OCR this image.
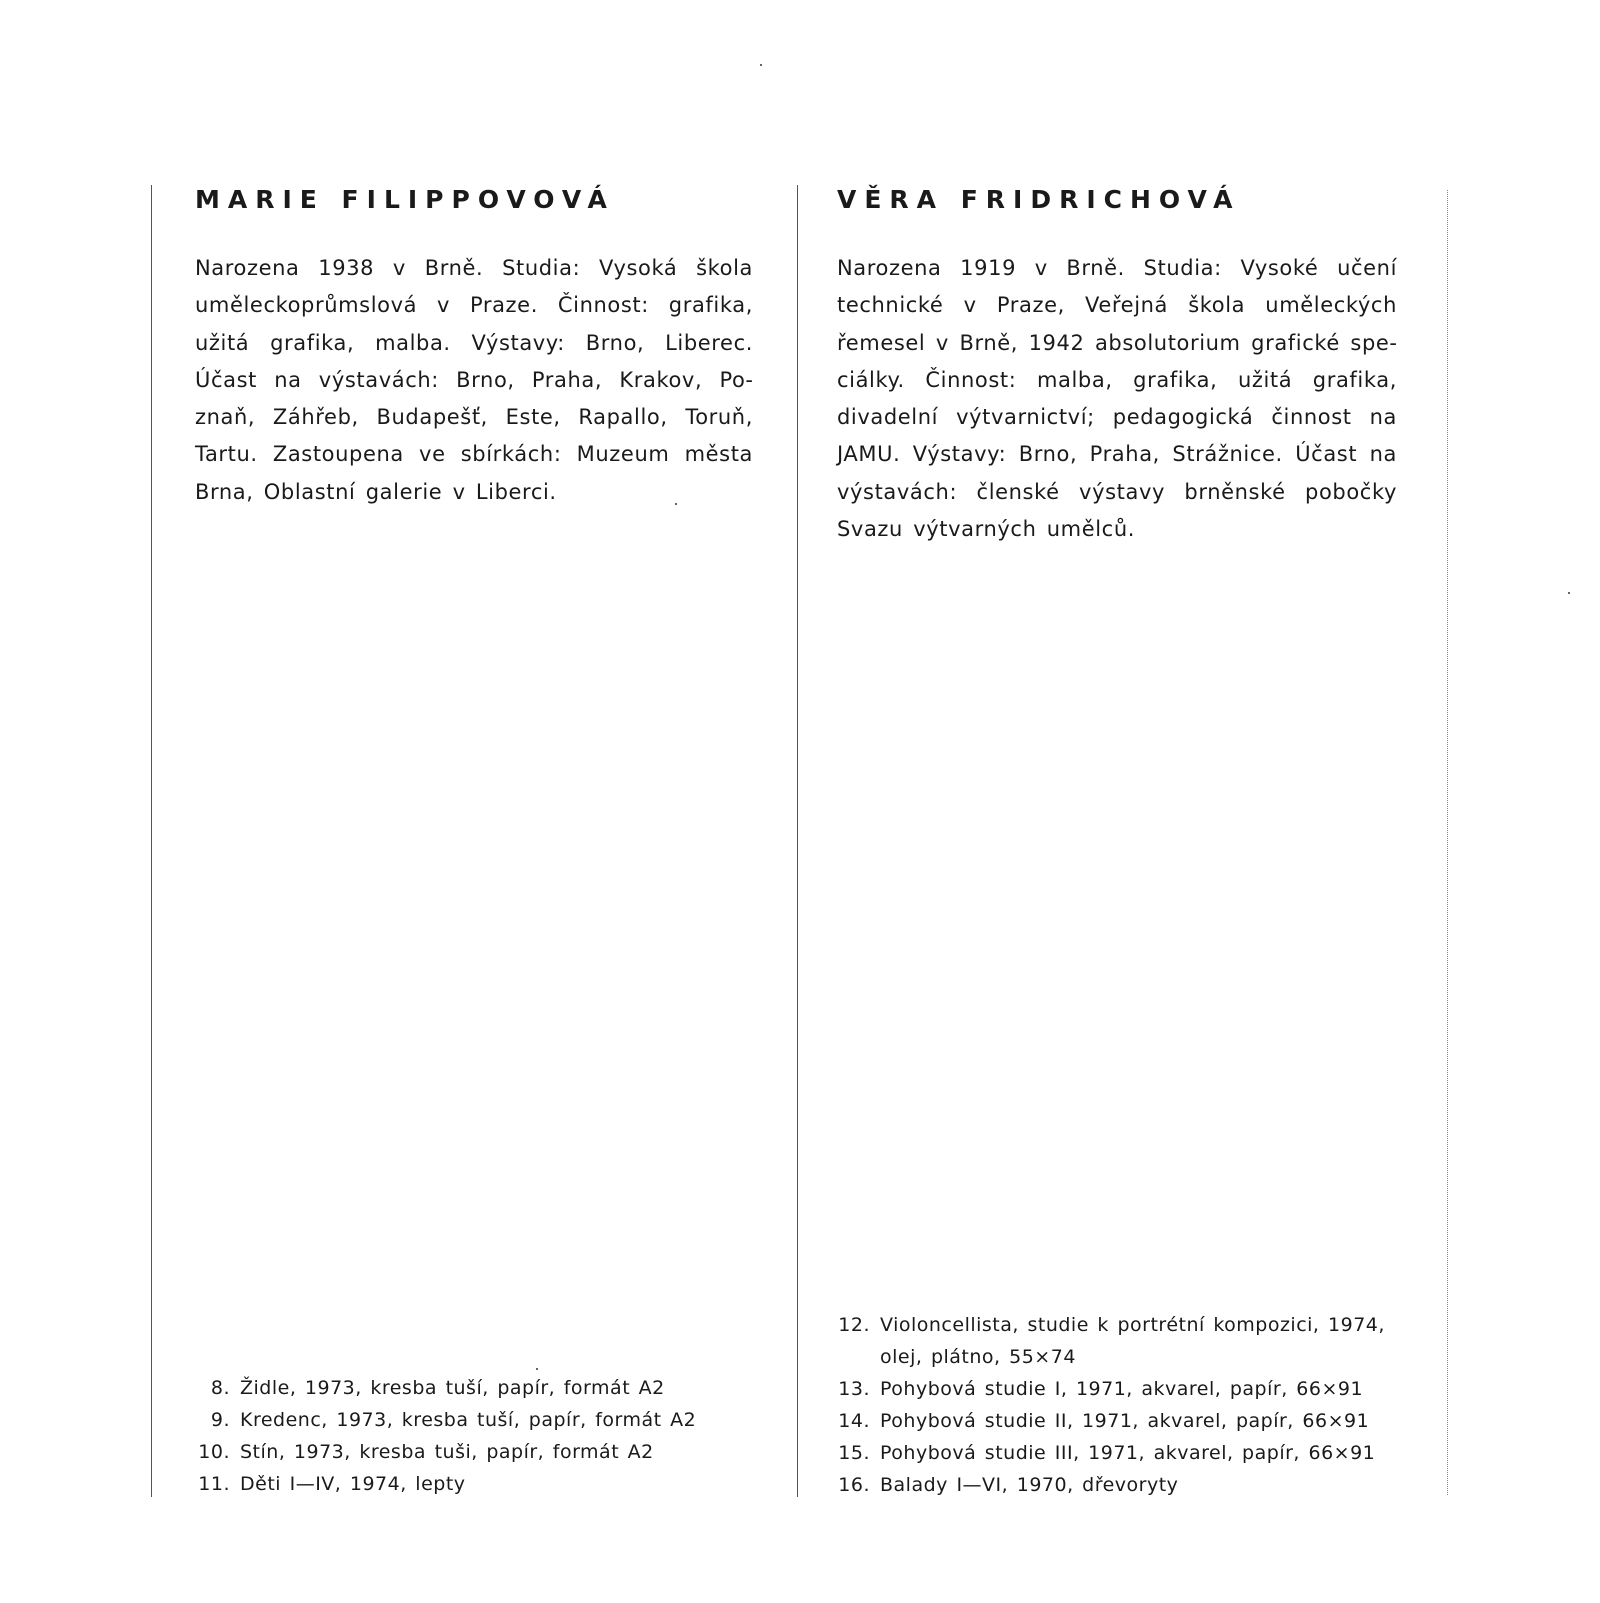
MARIE FILIPPOVOVÁ

Narozena 1938 v Brně. Studia: Vysoká škola uměleckoprůmslová v Praze. Činnost: grafika, užitá grafika, malba. Výstavy: Brno, Liberec. Účast na výstavách: Brno, Praha, Krakov, Poznaň, Záhřeb, Budapešť, Este, Rapallo, Toruň, Tartu. Zastoupena ve sbírkách: Muzeum města Brna, Oblastní galerie v Liberci.

8. Židle, 1973, kresba tuší, papír, formát A2
9. Kredenc, 1973, kresba tuší, papír, formát A2
10. Stín, 1973, kresba tuši, papír, formát A2
11. Děti I—IV, 1974, lepty
VĚRA FRIDRICHOVÁ

Narozena 1919 v Brně. Studia: Vysoké učení technické v Praze, Veřejná škola uměleckých řemesel v Brně, 1942 absolutorium grafické speciálky. Činnost: malba, grafika, užitá grafika, divadelní výtvarnictví; pedagogická činnost na JAMU. Výstavy: Brno, Praha, Strážnice. Účast na výstavách: členské výstavy brněnské pobočky Svazu výtvarných umělců.

12. Violoncellista, studie k portrétní kompozici, 1974, olej, plátno, 55×74
13. Pohybová studie I, 1971, akvarel, papír, 66×91
14. Pohybová studie II, 1971, akvarel, papír, 66×91
15. Pohybová studie III, 1971, akvarel, papír, 66×91
16. Balady I—VI, 1970, dřevoryty
